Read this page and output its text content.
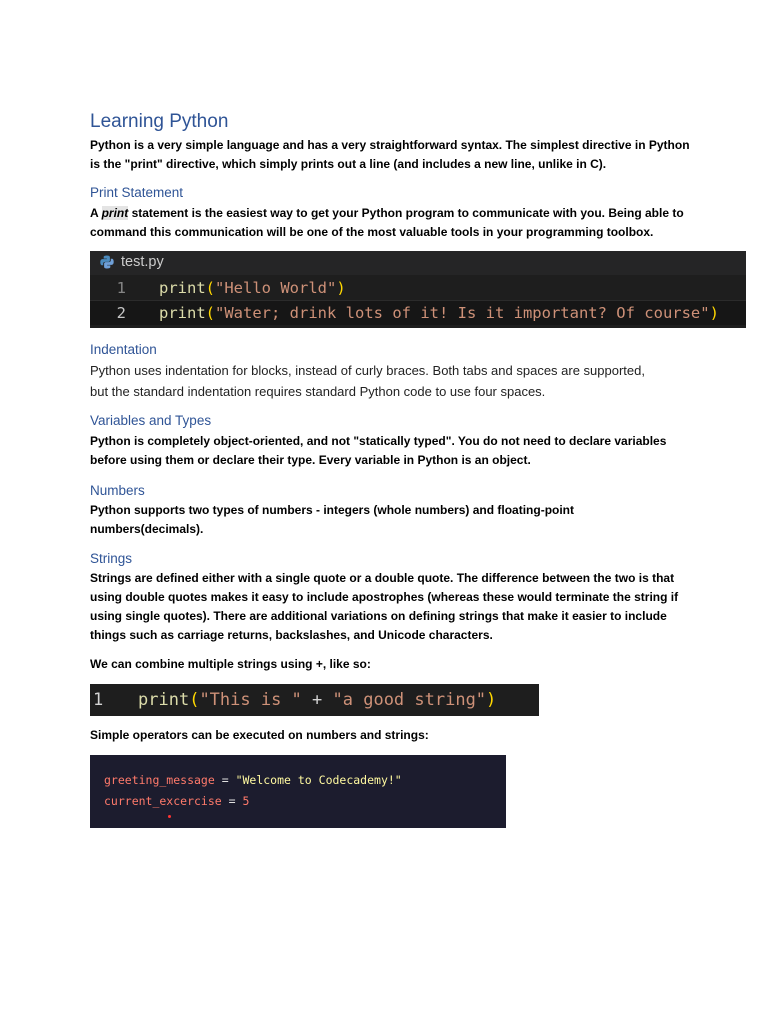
Learning Python
Python is a very simple language and has a very straightforward syntax. The simplest directive in Python
is the "print" directive, which simply prints out a line (and includes a new line, unlike in C).
Print Statement
A print statement is the easiest way to get your Python program to communicate with you. Being able to
command this communication will be one of the most valuable tools in your programming toolbox.
test.py
1 print("Hello World")
2 print("Water; drink lots of it! Is it important? Of course")
Indentation
Python uses indentation for blocks, instead of curly braces. Both tabs and spaces are supported,
but the standard indentation requires standard Python code to use four spaces.
Variables and Types
Python is completely object-oriented, and not "statically typed". You do not need to declare variables
before using them or declare their type. Every variable in Python is an object.
Numbers
Python supports two types of numbers - integers (whole numbers) and floating-point
numbers(decimals).
Strings
Strings are defined either with a single quote or a double quote. The difference between the two is that
using double quotes makes it easy to include apostrophes (whereas these would terminate the string if
using single quotes). There are additional variations on defining strings that make it easier to include
things such as carriage returns, backslashes, and Unicode characters.
We can combine multiple strings using +, like so:
1 print("This is " + "a good string")
Simple operators can be executed on numbers and strings:
greeting_message = "Welcome to Codecademy!"
current_excercise = 5
